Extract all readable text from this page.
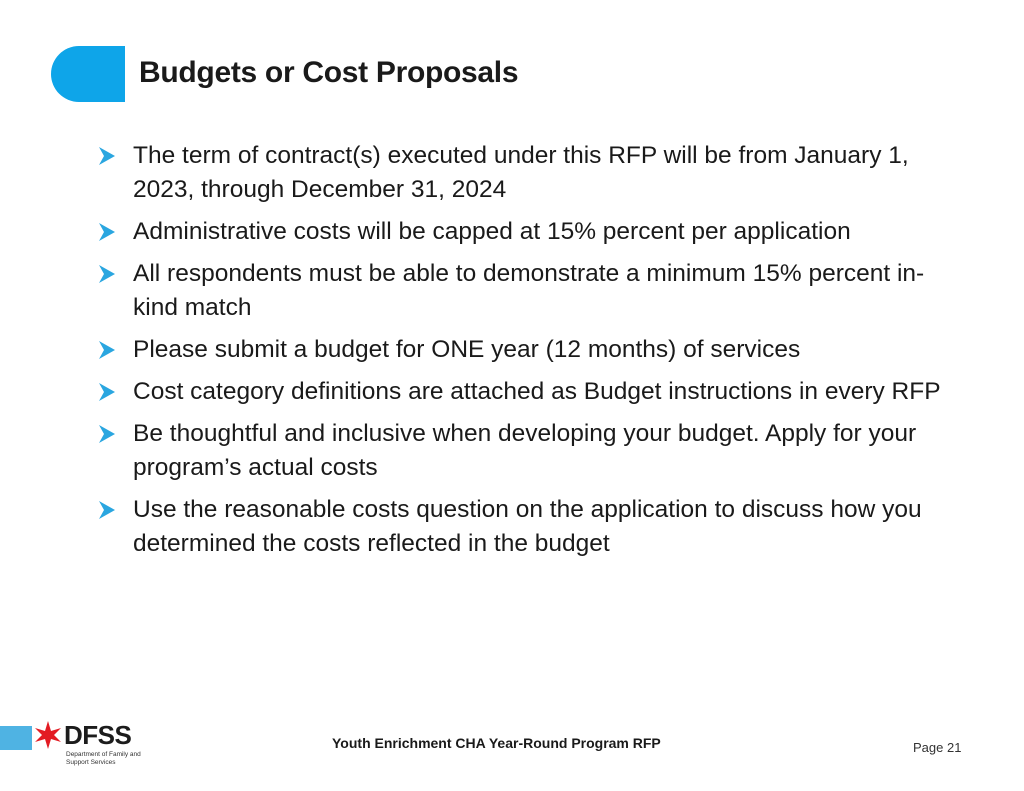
Budgets or Cost Proposals
The term of contract(s) executed under this RFP will be from January 1, 2023, through December 31, 2024
Administrative costs will be capped at 15% percent per application
All respondents must be able to demonstrate a minimum 15% percent in-kind match
Please submit a budget for ONE year (12 months) of services
Cost category definitions are attached as Budget instructions in every RFP
Be thoughtful and inclusive when developing your budget. Apply for your program’s actual costs
Use the reasonable costs question on the application to discuss how you determined the costs reflected in the budget
DFSS
Department of Family and Support Services
Youth Enrichment CHA Year-Round Program RFP	Page 21
